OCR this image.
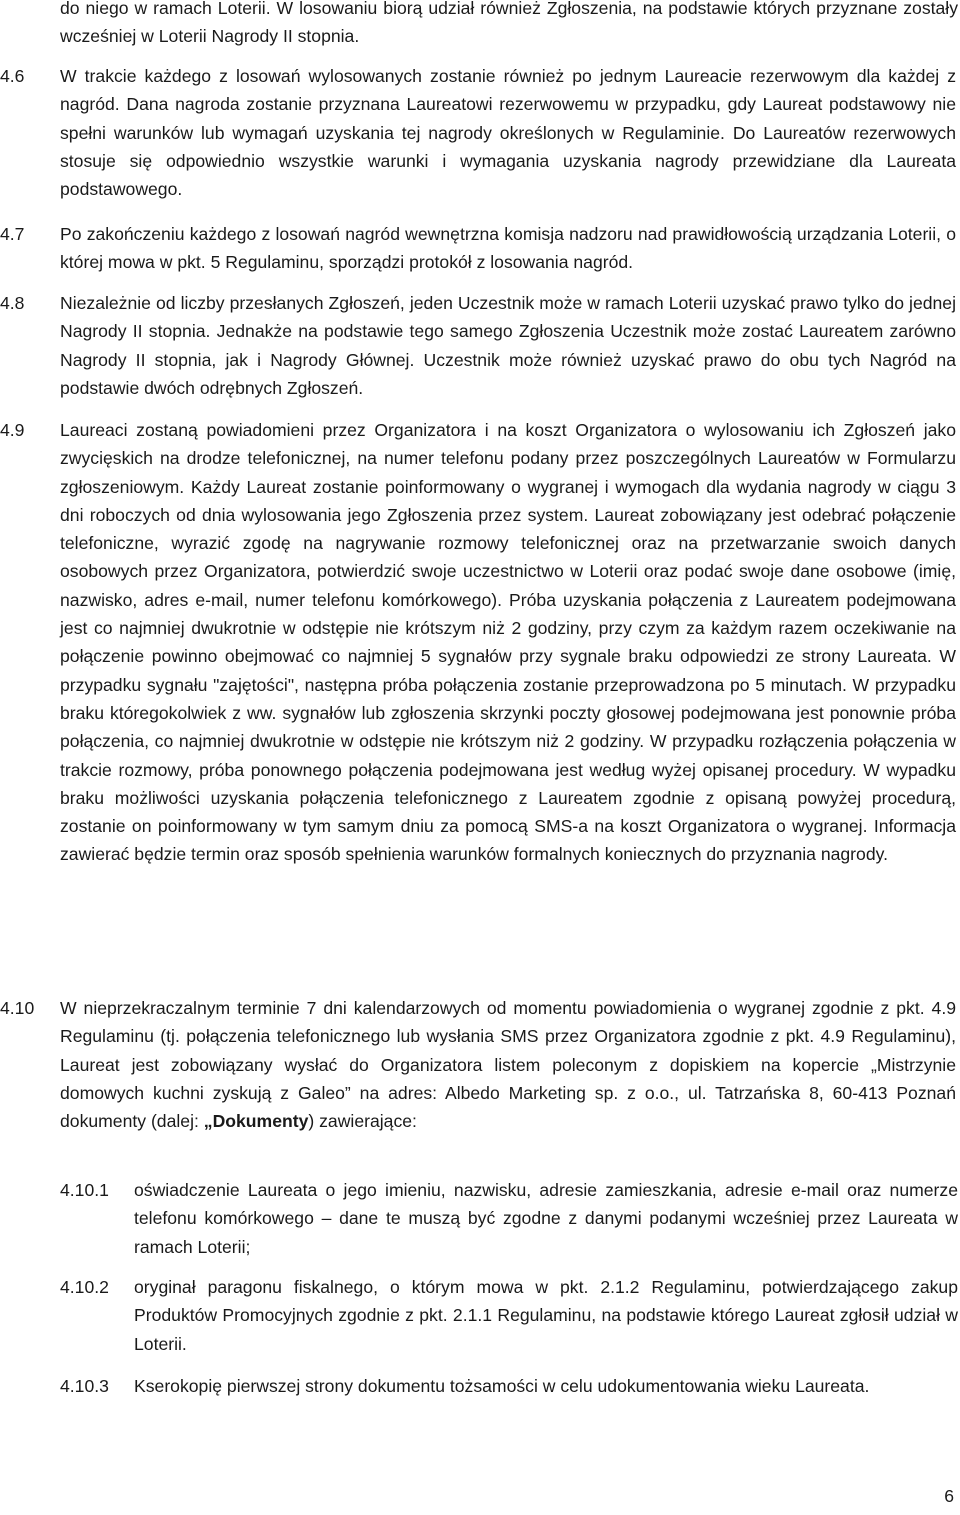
do niego w ramach Loterii. W losowaniu biorą udział również Zgłoszenia, na podstawie których przyznane zostały wcześniej w Loterii Nagrody II stopnia.
4.6	W trakcie każdego z losowań wylosowanych zostanie również po jednym Laureacie rezerwowym dla każdej z nagród. Dana nagroda zostanie przyznana Laureatowi rezerwowemu w przypadku, gdy Laureat podstawowy nie spełni warunków lub wymagań uzyskania tej nagrody określonych w Regulaminie. Do Laureatów rezerwowych stosuje się odpowiednio wszystkie warunki i wymagania uzyskania nagrody przewidziane dla Laureata podstawowego.
4.7	Po zakończeniu każdego z losowań nagród wewnętrzna komisja nadzoru nad prawidłowością urządzania Loterii, o której mowa w pkt. 5 Regulaminu, sporządzi protokół z losowania nagród.
4.8	Niezależnie od liczby przesłanych Zgłoszeń, jeden Uczestnik może w ramach Loterii uzyskać prawo tylko do jednej Nagrody II stopnia. Jednakże na podstawie tego samego Zgłoszenia Uczestnik może zostać Laureatem zarówno Nagrody II stopnia, jak i Nagrody Głównej. Uczestnik może również uzyskać prawo do obu tych Nagród na podstawie dwóch odrębnych Zgłoszeń.
4.9	Laureaci zostaną powiadomieni przez Organizatora i na koszt Organizatora o wylosowaniu ich Zgłoszeń jako zwycięskich na drodze telefonicznej, na numer telefonu podany przez poszczególnych Laureatów w Formularzu zgłoszeniowym. Każdy Laureat zostanie poinformowany o wygranej i wymogach dla wydania nagrody w ciągu 3 dni roboczych od dnia wylosowania jego Zgłoszenia przez system. Laureat zobowiązany jest odebrać połączenie telefoniczne, wyrazić zgodę na nagrywanie rozmowy telefonicznej oraz na przetwarzanie swoich danych osobowych przez Organizatora, potwierdzić swoje uczestnictwo w Loterii oraz podać swoje dane osobowe (imię, nazwisko, adres e-mail, numer telefonu komórkowego). Próba uzyskania połączenia z Laureatem podejmowana jest co najmniej dwukrotnie w odstępie nie krótszym niż 2 godziny, przy czym za każdym razem oczekiwanie na połączenie powinno obejmować co najmniej 5 sygnałów przy sygnale braku odpowiedzi ze strony Laureata. W przypadku sygnału "zajętości", następna próba połączenia zostanie przeprowadzona po 5 minutach. W przypadku braku któregokolwiek z ww. sygnałów lub zgłoszenia skrzynki poczty głosowej podejmowana jest ponownie próba połączenia, co najmniej dwukrotnie w odstępie nie krótszym niż 2 godziny. W przypadku rozłączenia połączenia w trakcie rozmowy, próba ponownego połączenia podejmowana jest według wyżej opisanej procedury. W wypadku braku możliwości uzyskania połączenia telefonicznego z Laureatem zgodnie z opisaną powyżej procedurą, zostanie on poinformowany w tym samym dniu za pomocą SMS-a na koszt Organizatora o wygranej. Informacja zawierać będzie termin oraz sposób spełnienia warunków formalnych koniecznych do przyznania nagrody.
4.10	W nieprzekraczalnym terminie 7 dni kalendarzowych od momentu powiadomienia o wygranej zgodnie z pkt. 4.9 Regulaminu (tj. połączenia telefonicznego lub wysłania SMS przez Organizatora zgodnie z pkt. 4.9 Regulaminu), Laureat jest zobowiązany wysłać do Organizatora listem poleconym z dopiskiem na kopercie „Mistrzynie domowych kuchni zyskują z Galeo” na adres: Albedo Marketing sp. z o.o., ul. Tatrzańska 8, 60-413 Poznań dokumenty (dalej: „Dokumenty) zawierające:
4.10.1 oświadczenie Laureata o jego imieniu, nazwisku, adresie zamieszkania, adresie e-mail oraz numerze telefonu komórkowego – dane te muszą być zgodne z danymi podanymi wcześniej przez Laureata w ramach Loterii;
4.10.2 oryginał paragonu fiskalnego, o którym mowa w pkt. 2.1.2 Regulaminu, potwierdzającego zakup Produktów Promocyjnych zgodnie z pkt. 2.1.1 Regulaminu, na podstawie którego Laureat zgłosił udział w Loterii.
4.10.3 Kserokopię pierwszej strony dokumentu tożsamości w celu udokumentowania wieku Laureata.
6
